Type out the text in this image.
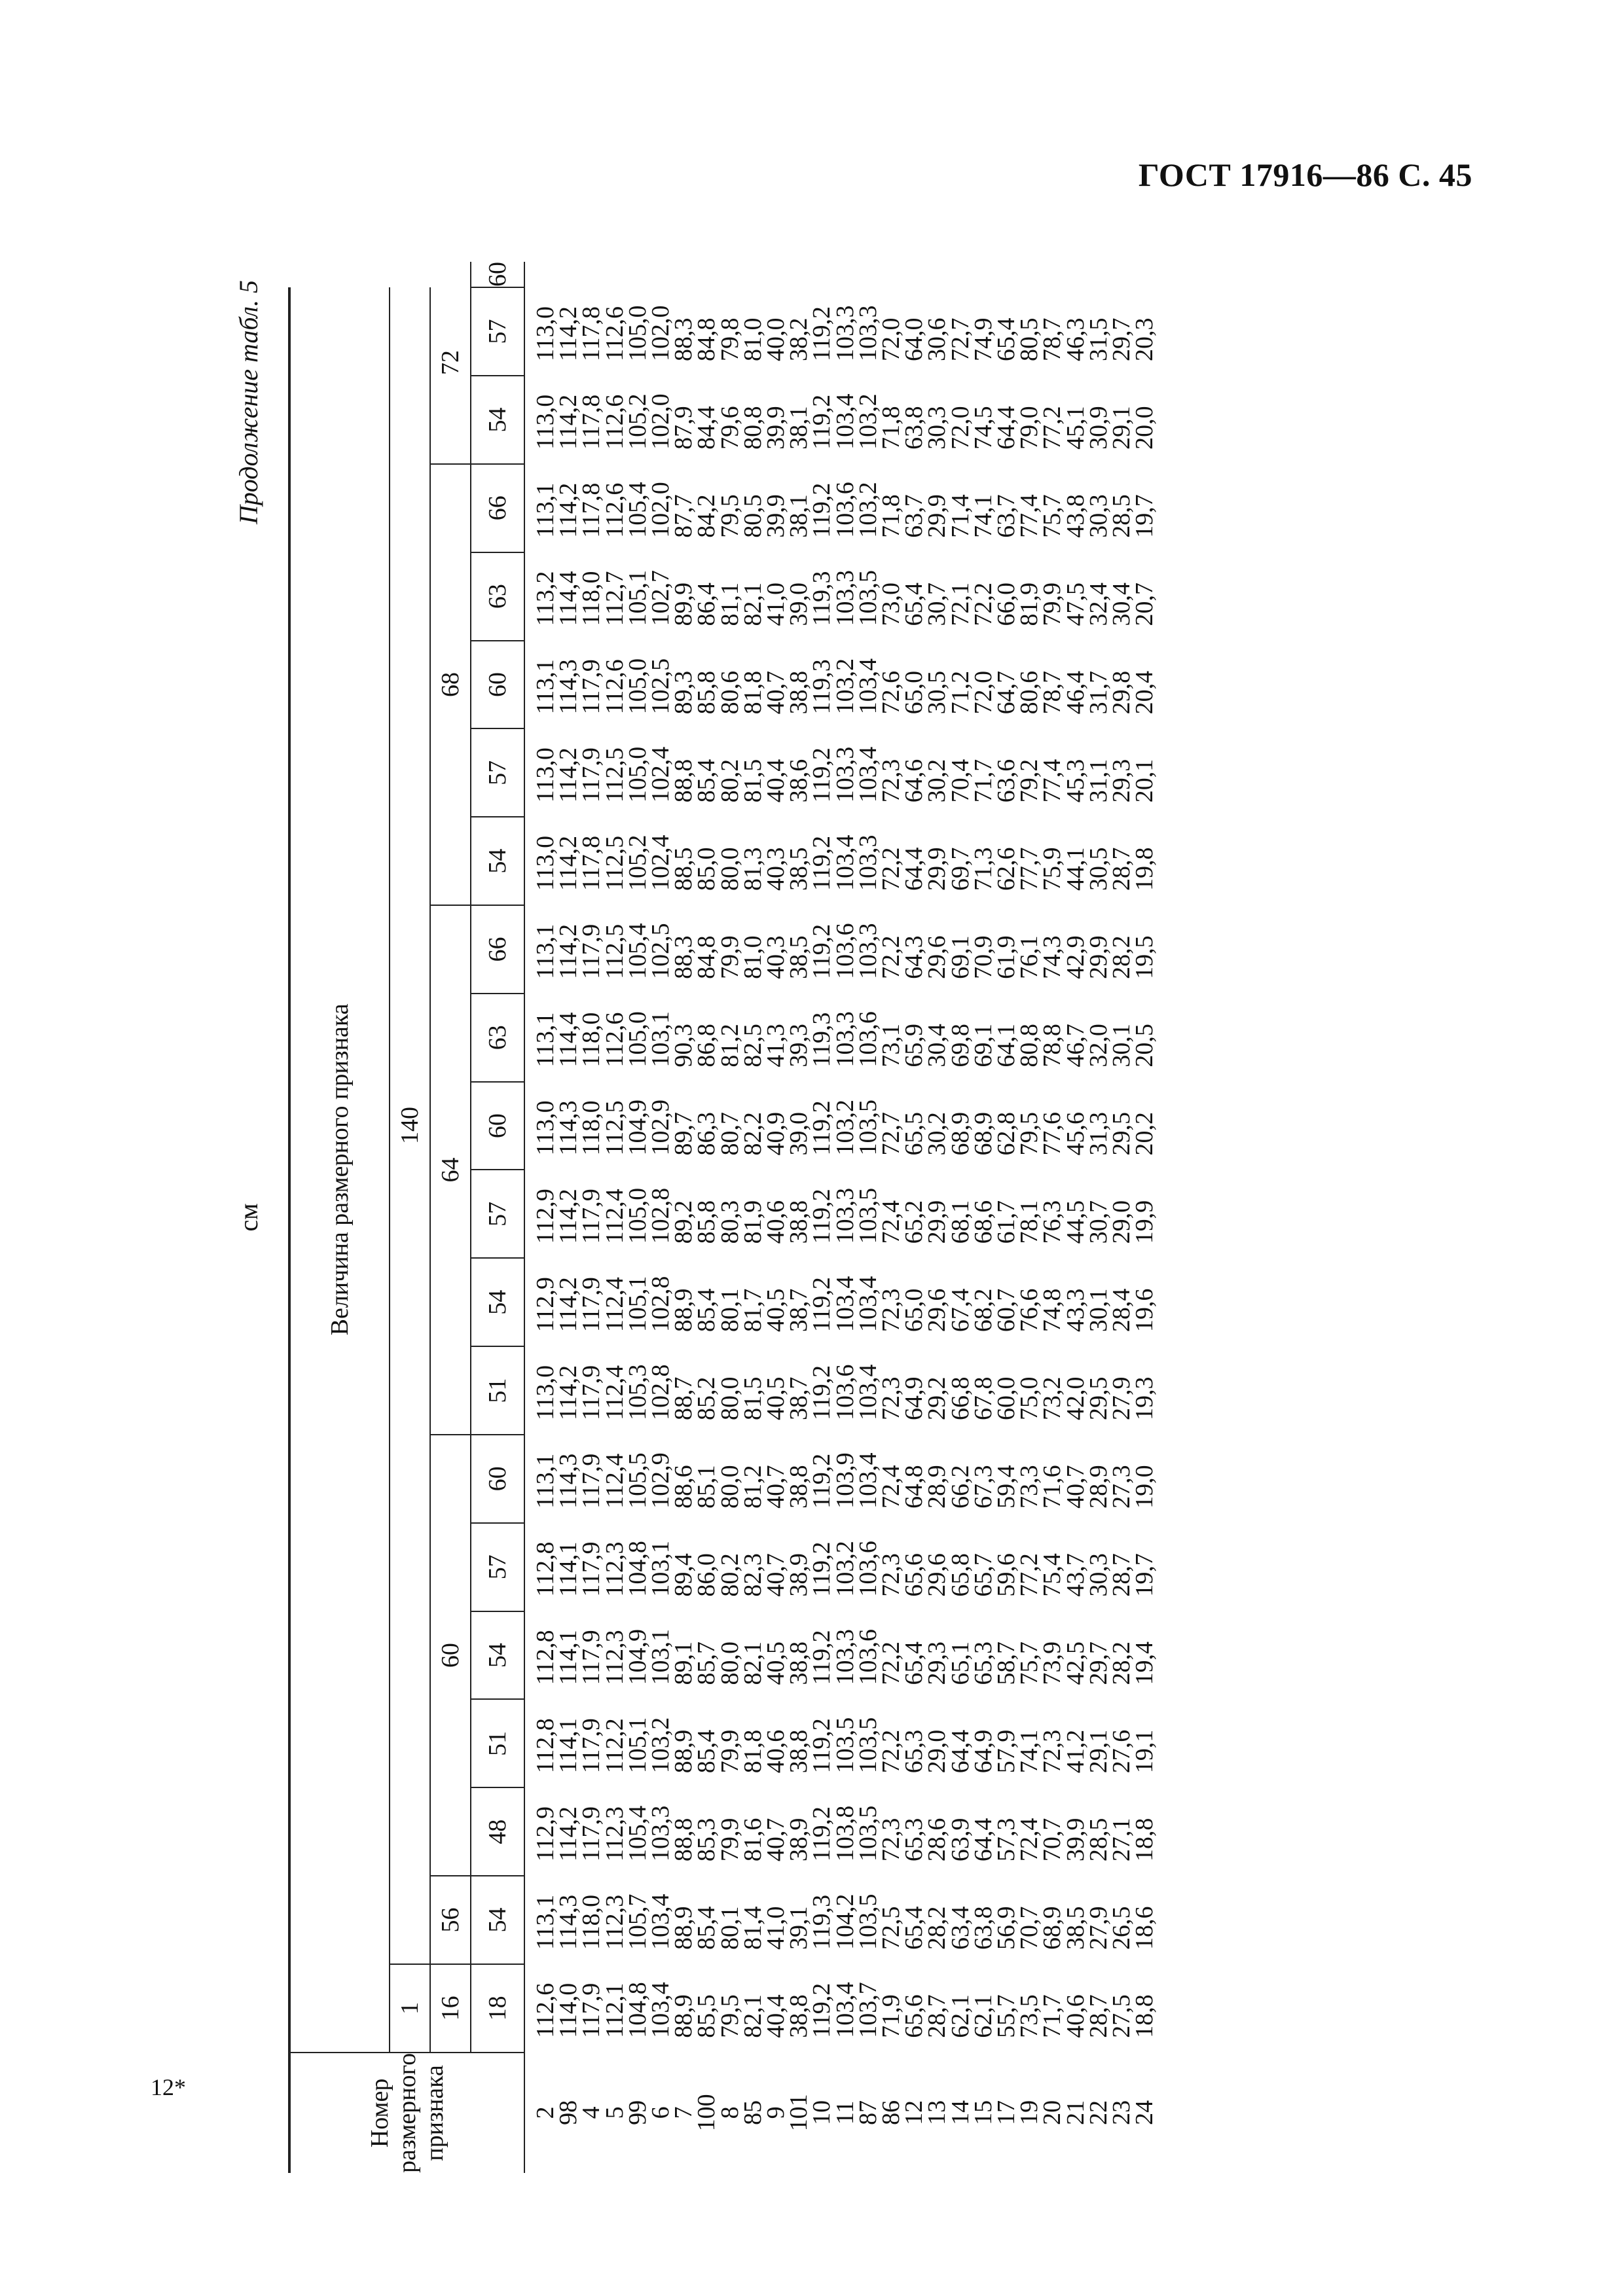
ГОСТ 17916—86 С. 45
12*
см
Продолжение табл. 5
Номер размерного признака	Величина размерного признака																				
	1	140																			
	16	56	60					64						68					72		
	18	54	48	51	54	57	60	51	54	57	60	63	66	54	57	60	63	66	54	57	60
2	112,6	113,1	112,9	112,8	112,8	112,8	113,1	113,0	112,9	112,9	113,0	113,1	113,1	113,0	113,0	113,1	113,2	113,1	113,0	113,0	
98	114,0	114,3	114,2	114,1	114,1	114,1	114,3	114,2	114,2	114,2	114,3	114,4	114,2	114,2	114,2	114,3	114,4	114,2	114,2	114,2	
4	117,9	118,0	117,9	117,9	117,9	117,9	117,9	117,9	117,9	117,9	118,0	118,0	117,9	117,8	117,9	117,9	118,0	117,8	117,8	117,8	
5	112,1	112,3	112,3	112,2	112,3	112,3	112,4	112,4	112,4	112,4	112,5	112,6	112,5	112,5	112,5	112,6	112,7	112,6	112,6	112,6	
99	104,8	105,7	105,4	105,1	104,9	104,8	105,5	105,3	105,1	105,0	104,9	105,0	105,4	105,2	105,0	105,0	105,1	105,4	105,2	105,0	
6	103,4	103,4	103,3	103,2	103,1	103,1	102,9	102,8	102,8	102,8	102,9	103,1	102,5	102,4	102,4	102,5	102,7	102,0	102,0	102,0	
7	88,9	88,9	88,8	88,9	89,1	89,4	88,6	88,7	88,9	89,2	89,7	90,3	88,3	88,5	88,8	89,3	89,9	87,7	87,9	88,3	
100	85,5	85,4	85,3	85,4	85,7	86,0	85,1	85,2	85,4	85,8	86,3	86,8	84,8	85,0	85,4	85,8	86,4	84,2	84,4	84,8	
8	79,5	80,1	79,9	79,9	80,0	80,2	80,0	80,0	80,1	80,3	80,7	81,2	79,9	80,0	80,2	80,6	81,1	79,5	79,6	79,8	
85	82,1	81,4	81,6	81,8	82,1	82,3	81,2	81,5	81,7	81,9	82,2	82,5	81,0	81,3	81,5	81,8	82,1	80,5	80,8	81,0	
9	40,4	41,0	40,7	40,6	40,5	40,7	40,7	40,5	40,5	40,6	40,9	41,3	40,3	40,3	40,4	40,7	41,0	39,9	39,9	40,0	
101	38,8	39,1	38,9	38,8	38,8	38,9	38,8	38,7	38,7	38,8	39,0	39,3	38,5	38,5	38,6	38,8	39,0	38,1	38,1	38,2	
10	119,2	119,3	119,2	119,2	119,2	119,2	119,2	119,2	119,2	119,2	119,2	119,3	119,2	119,2	119,2	119,3	119,3	119,2	119,2	119,2	
11	103,4	104,2	103,8	103,5	103,3	103,2	103,9	103,6	103,4	103,3	103,2	103,3	103,6	103,4	103,3	103,2	103,3	103,6	103,4	103,3	
87	103,7	103,5	103,5	103,5	103,6	103,6	103,4	103,4	103,4	103,5	103,5	103,6	103,3	103,3	103,4	103,4	103,5	103,2	103,2	103,3	
86	71,9	72,5	72,3	72,2	72,2	72,3	72,4	72,3	72,3	72,4	72,7	73,1	72,2	72,2	72,3	72,6	73,0	71,8	71,8	72,0	
12	65,6	65,4	65,3	65,3	65,4	65,6	64,8	64,9	65,0	65,2	65,5	65,9	64,3	64,4	64,6	65,0	65,4	63,7	63,8	64,0	
13	28,7	28,2	28,6	29,0	29,3	29,6	28,9	29,2	29,6	29,9	30,2	30,4	29,6	29,9	30,2	30,5	30,7	29,9	30,3	30,6	
14	62,1	63,4	63,9	64,4	65,1	65,8	66,2	66,8	67,4	68,1	68,9	69,8	69,1	69,7	70,4	71,2	72,1	71,4	72,0	72,7	
15	62,1	63,8	64,4	64,9	65,3	65,7	67,3	67,8	68,2	68,6	68,9	69,1	70,9	71,3	71,7	72,0	72,2	74,1	74,5	74,9	
17	55,7	56,9	57,3	57,9	58,7	59,6	59,4	60,0	60,7	61,7	62,8	64,1	61,9	62,6	63,6	64,7	66,0	63,7	64,4	65,4	
19	73,5	70,7	72,4	74,1	75,7	77,2	73,3	75,0	76,6	78,1	79,5	80,8	76,1	77,7	79,2	80,6	81,9	77,4	79,0	80,5	
20	71,7	68,9	70,7	72,3	73,9	75,4	71,6	73,2	74,8	76,3	77,6	78,8	74,3	75,9	77,4	78,7	79,9	75,7	77,2	78,7	
21	40,6	38,5	39,9	41,2	42,5	43,7	40,7	42,0	43,3	44,5	45,6	46,7	42,9	44,1	45,3	46,4	47,5	43,8	45,1	46,3	
22	28,7	27,9	28,5	29,1	29,7	30,3	28,9	29,5	30,1	30,7	31,3	32,0	29,9	30,5	31,1	31,7	32,4	30,3	30,9	31,5	
23	27,5	26,5	27,1	27,6	28,2	28,7	27,3	27,9	28,4	29,0	29,5	30,1	28,2	28,7	29,3	29,8	30,4	28,5	29,1	29,7	
24	18,8	18,6	18,8	19,1	19,4	19,7	19,0	19,3	19,6	19,9	20,2	20,5	19,5	19,8	20,1	20,4	20,7	19,7	20,0	20,3	
